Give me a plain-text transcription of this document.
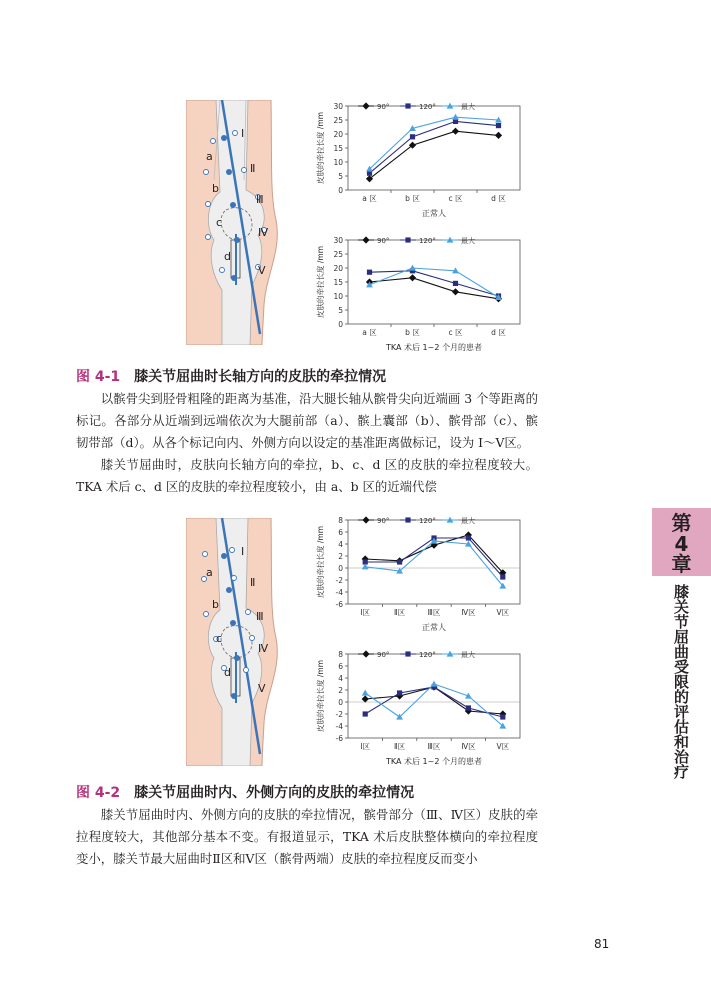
Ⅰ
Ⅱ
Ⅲ
Ⅳ
Ⅴ
a
b
c
d
Ⅰ
Ⅱ
Ⅲ
Ⅳ
Ⅴ
a
b
c
d
0
5
10
15
20
25
30
a 区	b 区	c 区	d 区
正常人
皮肤的牵拉长度 /mm
90°	120°	最大
0
5
10
15
20
25
30
a 区	b 区	c 区	d 区
TKA 术后 1~2 个月的患者
皮肤的牵拉长度 /mm
90°	120°	最大
-6
-4
-2
0
2
4
6
8
Ⅰ区	Ⅱ区	Ⅲ区	Ⅳ区	Ⅴ区
正常人
皮肤的牵拉长度 /mm
90°	120°	最大
-6
-4
-2
0
2
4
6
8
Ⅰ区	Ⅱ区	Ⅲ区	Ⅳ区	Ⅴ区
TKA 术后 1~2 个月的患者
皮肤的牵拉长度 /mm
90°	120°	最大
图 4-1 膝关节屈曲时长轴方向的皮肤的牵拉情况
图 4-2 膝关节屈曲时内、外侧方向的皮肤的牵拉情况

以髌骨尖到胫骨粗隆的距离为基准，沿大腿长轴从髌骨尖向近端画 3 个等距离的标记。各部分从近端到远端依次为大腿前部（a）、髌上囊部（b）、髌骨部（c）、髌韧带部（d）。从各个标记向内、外侧方向以设定的基准距离做标记，设为 Ⅰ～Ⅴ区。

膝关节屈曲时，皮肤向长轴方向的牵拉，b、c、d 区的皮肤的牵拉程度较大。TKA 术后 c、d 区的皮肤的牵拉程度较小，由 a、b 区的近端代偿

膝关节屈曲时内、外侧方向的皮肤的牵拉情况，髌骨部分（Ⅲ、Ⅳ区）皮肤的牵拉程度较大，其他部分基本不变。有报道显示，TKA 术后皮肤整体横向的牵拉程度变小，膝关节最大屈曲时Ⅱ区和Ⅴ区（髌骨两端）皮肤的牵拉程度反而变小

第
4
章
膝关节屈曲受限的评估和治疗
81
